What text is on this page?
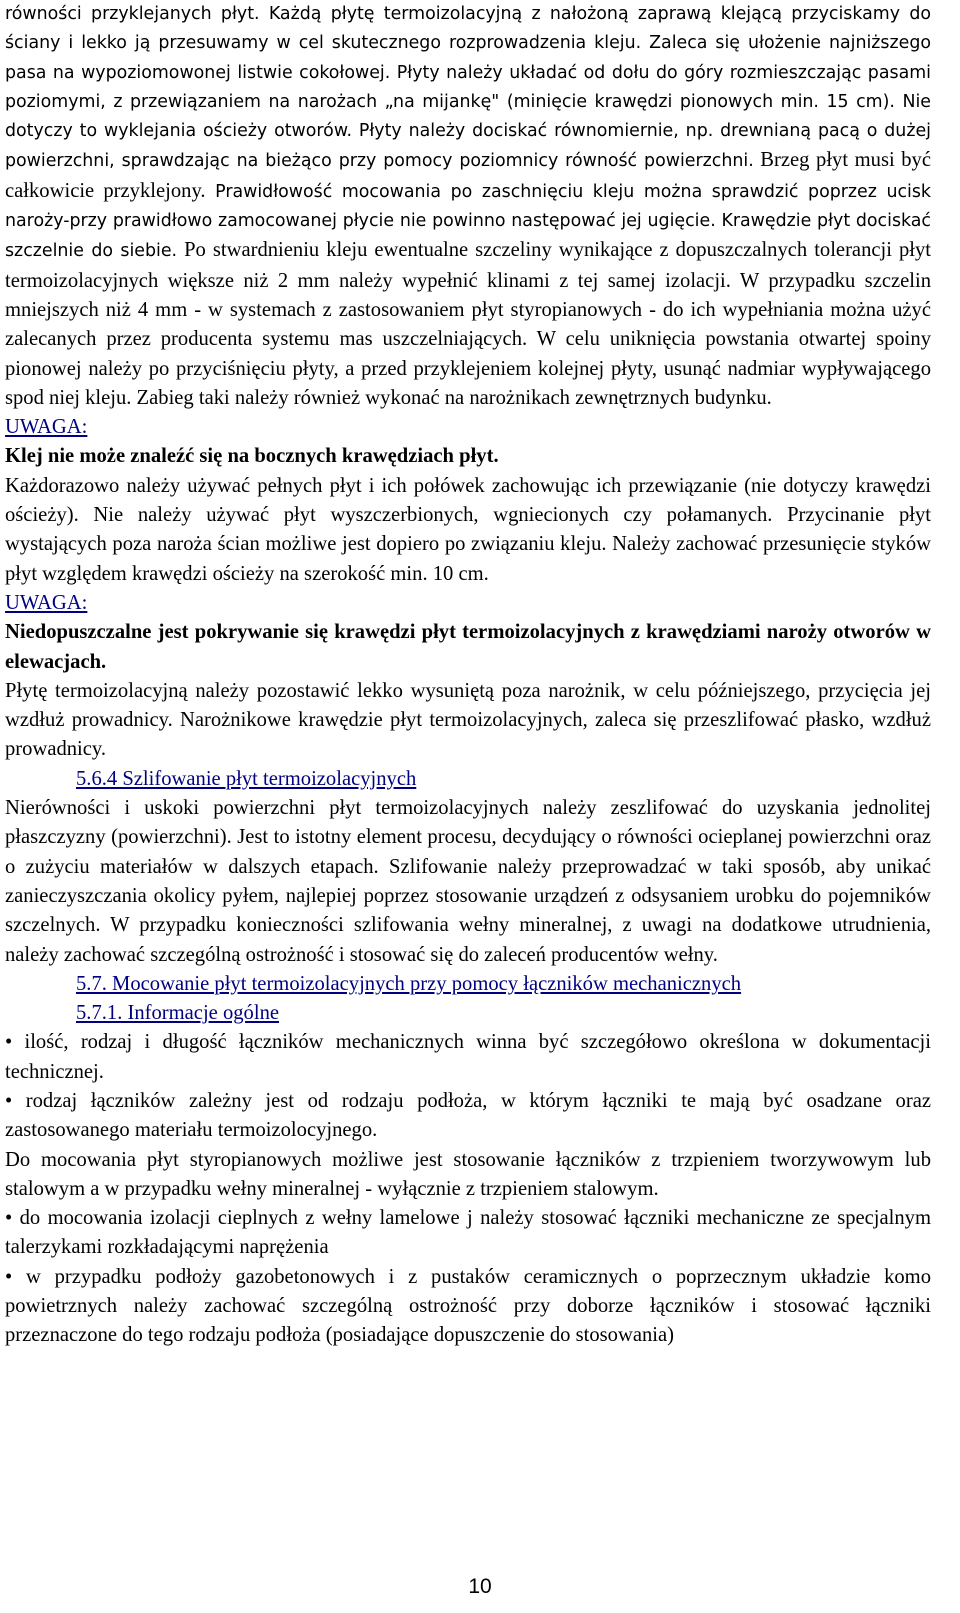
równości przyklejanych płyt. Każdą płytę termoizolacyjną z nałożoną zaprawą klejącą przyciskamy do ściany i lekko ją przesuwamy w cel skutecznego rozprowadzenia kleju. Zaleca się ułożenie najniższego pasa na wypoziomowonej listwie cokołowej. Płyty należy układać od dołu do góry rozmieszczając pasami poziomymi, z przewiązaniem na narożach „na mijankę" (minięcie krawędzi pionowych min. 15 cm). Nie dotyczy to wyklejania ościeży otworów. Płyty należy dociskać równomiernie, np. drewnianą pacą o dużej powierzchni, sprawdzając na bieżąco przy pomocy poziomnicy równość powierzchni. Brzeg płyt musi być całkowicie przyklejony. Prawidłowość mocowania po zaschnięciu kleju można sprawdzić poprzez ucisk naroży-przy prawidłowo zamocowanej płycie nie powinno następować jej ugięcie. Krawędzie płyt dociskać szczelnie do siebie. Po stwardnieniu kleju ewentualne szczeliny wynikające z dopuszczalnych tolerancji płyt termoizolacyjnych większe niż 2 mm należy wypełnić klinami z tej samej izolacji. W przypadku szczelin mniejszych niż 4 mm - w systemach z zastosowaniem płyt styropianowych - do ich wypełniania można użyć zalecanych przez producenta systemu mas uszczelniających. W celu uniknięcia powstania otwartej spoiny pionowej należy po przyciśnięciu płyty, a przed przyklejeniem kolejnej płyty, usunąć nadmiar wypływającego spod niej kleju. Zabieg taki należy również wykonać na narożnikach zewnętrznych budynku.

UWAGA:

Klej nie może znaleźć się na bocznych krawędziach płyt.

Każdorazowo należy używać pełnych płyt i ich połówek zachowując ich przewiązanie (nie dotyczy krawędzi ościeży). Nie należy używać płyt wyszczerbionych, wgniecionych czy połamanych. Przycinanie płyt wystających poza naroża ścian możliwe jest dopiero po związaniu kleju. Należy zachować przesunięcie styków płyt względem krawędzi ościeży na szerokość min. 10 cm.

UWAGA:

Niedopuszczalne jest pokrywanie się krawędzi płyt termoizolacyjnych z krawędziami naroży otworów w elewacjach.

Płytę termoizolacyjną należy pozostawić lekko wysuniętą poza narożnik, w celu późniejszego, przycięcia jej wzdłuż prowadnicy. Narożnikowe krawędzie płyt termoizolacyjnych, zaleca się przeszlifować płasko, wzdłuż prowadnicy.

5.6.4 Szlifowanie płyt termoizolacyjnych

Nierówności i uskoki powierzchni płyt termoizolacyjnych należy zeszlifować do uzyskania jednolitej płaszczyzny (powierzchni). Jest to istotny element procesu, decydujący o równości ocieplanej powierzchni oraz o zużyciu materiałów w dalszych etapach. Szlifowanie należy przeprowadzać w taki sposób, aby unikać zanieczyszczania okolicy pyłem, najlepiej poprzez stosowanie urządzeń z odsysaniem urobku do pojemników szczelnych. W przypadku konieczności szlifowania wełny mineralnej, z uwagi na dodatkowe utrudnienia, należy zachować szczególną ostrożność i stosować się do zaleceń producentów wełny.

5.7. Mocowanie płyt termoizolacyjnych przy pomocy łączników mechanicznych

5.7.1. Informacje ogólne

• ilość, rodzaj i długość łączników mechanicznych winna być szczegółowo określona w dokumentacji technicznej.

• rodzaj łączników zależny jest od rodzaju podłoża, w którym łączniki te mają być osadzane oraz zastosowanego materiału termoizolocyjnego.

Do mocowania płyt styropianowych możliwe jest stosowanie łączników z trzpieniem tworzywowym lub stalowym a w przypadku wełny mineralnej - wyłącznie z trzpieniem stalowym.

• do mocowania izolacji cieplnych z wełny lamelowe j należy stosować łączniki mechaniczne ze specjalnym talerzykami rozkładającymi naprężenia

• w przypadku podłoży gazobetonowych i z pustaków ceramicznych o poprzecznym układzie komo powietrznych należy zachować szczególną ostrożność przy doborze łączników i stosować łączniki przeznaczone do tego rodzaju podłoża (posiadające dopuszczenie do stosowania)

10
